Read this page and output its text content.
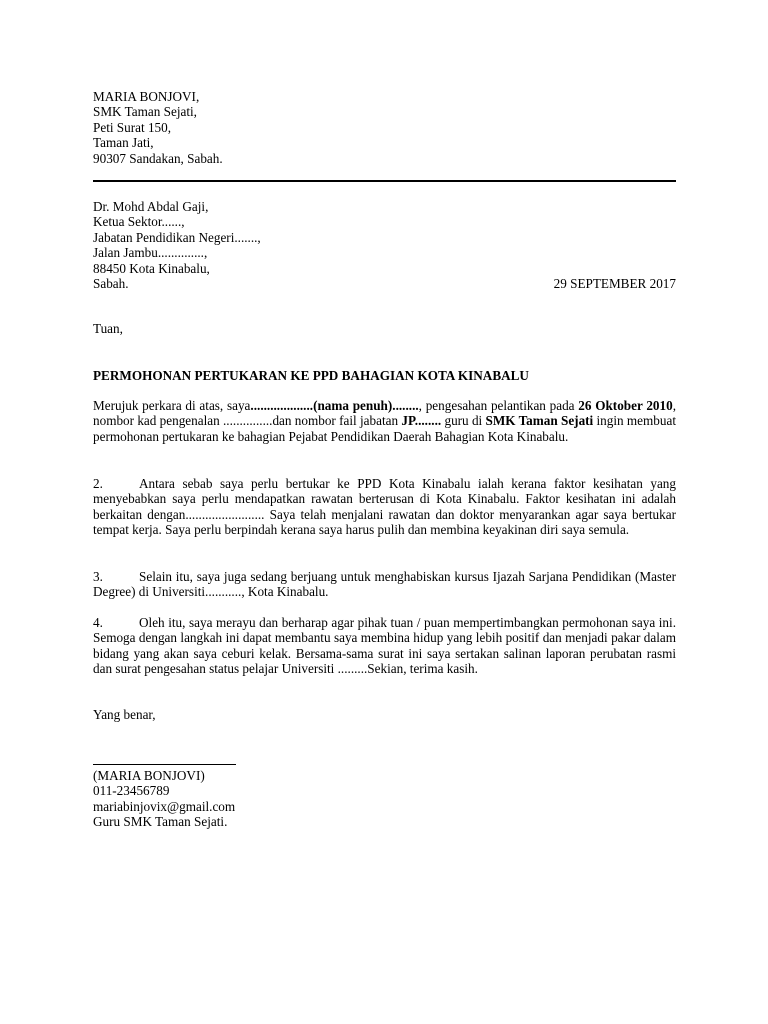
MARIA BONJOVI,
SMK Taman Sejati,
Peti Surat 150,
Taman Jati,
90307 Sandakan, Sabah.
Dr. Mohd Abdal Gaji,
Ketua Sektor......,
Jabatan Pendidikan Negeri.......,
Jalan Jambu..............,
88450 Kota Kinabalu,
Sabah.	29 SEPTEMBER 2017
Tuan,
PERMOHONAN PERTUKARAN KE PPD BAHAGIAN KOTA KINABALU
Merujuk perkara di atas, saya...................(nama penuh)........, pengesahan pelantikan pada 26 Oktober 2010, nombor kad pengenalan ...............dan nombor fail jabatan JP........ guru di SMK Taman Sejati ingin membuat permohonan pertukaran ke bahagian Pejabat Pendidikan Daerah Bahagian Kota Kinabalu.
2.	Antara sebab saya perlu bertukar ke PPD Kota Kinabalu ialah kerana faktor kesihatan yang menyebabkan saya perlu mendapatkan rawatan berterusan di Kota Kinabalu. Faktor kesihatan ini adalah berkaitan dengan........................ Saya telah menjalani rawatan dan doktor menyarankan agar saya bertukar tempat kerja. Saya perlu berpindah kerana saya harus pulih dan membina keyakinan diri saya semula.
3.	Selain itu, saya juga sedang berjuang untuk menghabiskan kursus Ijazah Sarjana Pendidikan (Master Degree) di Universiti..........., Kota Kinabalu.
4.	Oleh itu, saya merayu dan berharap agar pihak tuan / puan mempertimbangkan permohonan saya ini. Semoga dengan langkah ini dapat membantu saya membina hidup yang lebih positif dan menjadi pakar dalam bidang yang akan saya ceburi kelak. Bersama-sama surat ini saya sertakan salinan laporan perubatan rasmi dan surat pengesahan status pelajar Universiti .........Sekian, terima kasih.
Yang benar,
(MARIA BONJOVI)
011-23456789
mariabinjovix@gmail.com
Guru SMK Taman Sejati.
